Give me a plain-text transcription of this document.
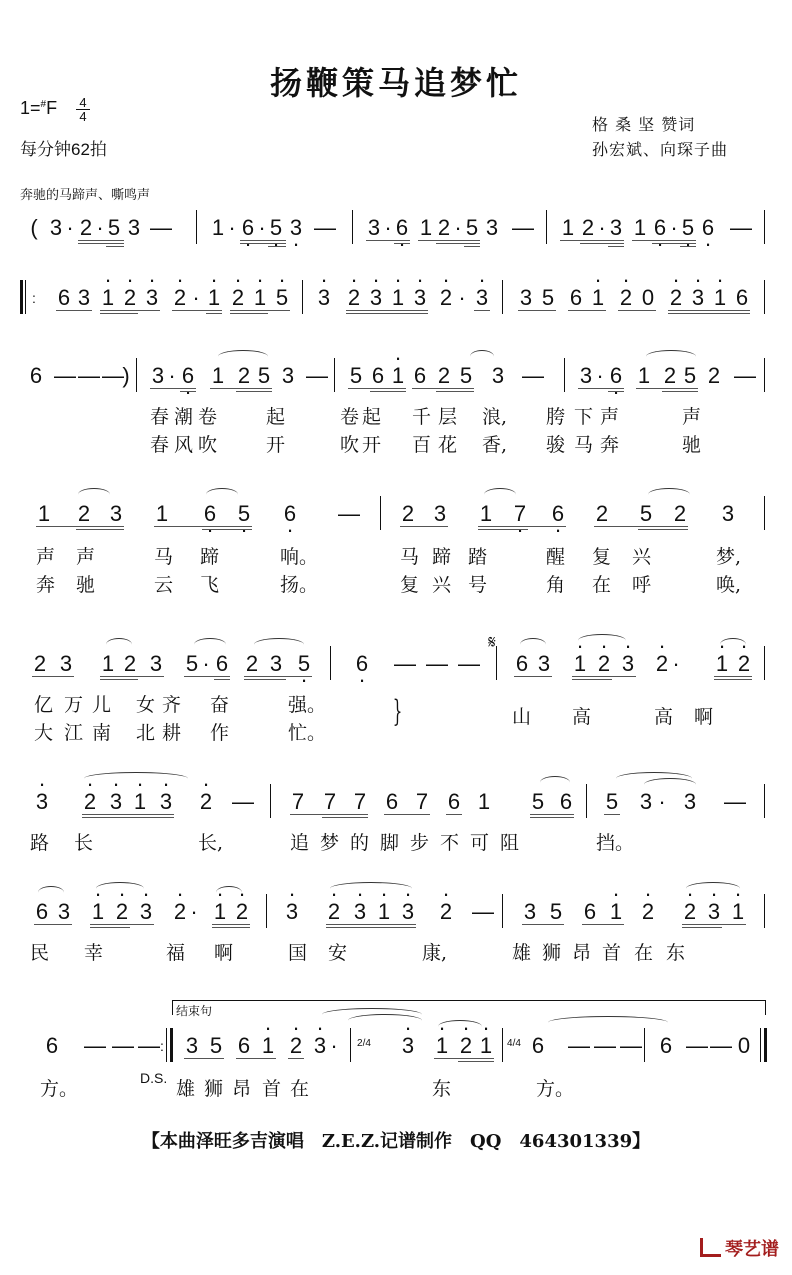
扬鞭策马追梦忙
1=#F 4
4
每分钟62拍
格 桑 坚 赞词
孙宏斌、向琛子曲
奔驰的马蹄声、嘶鸣声
( 3 · 2 · 5 3 — 1 · 6 · · 5 · 3 · — 3 · 6 · 1 2 · 5 3 — 1 2 · 3 1 6 · · 5 · 6 · —
: 6 3 · 1 · 2 · 3 · 2 · · 1 · 2 · 1 · 5 · 3 · 2 · 3 · 1 · 3 · 2 · · 3 3 5 6 · 1 · 2 0 · 2 · 3 · 1 6
6 — — —
) 3 · 6 · 1 2 5 3 — 5 6 · 1 6 2 5 3 — 3 · 6 · 1 2 5 2 —
春 潮 卷	起	卷 起 千 层 浪, 胯 下 声	声
春 风 吹	开	吹 开 百 花 香, 骏 马 奔	驰
1 2 3 1 6 · 5 · 6 · — 2 3 1 7 · 6 · 2 5 2 3
声 声	马 蹄	响。	马 蹄 踏	醒 复 兴	梦,
奔 驰	云 飞	扬。	复 兴 号	角 在 呼	唤,
2 3 1 2 3 5 · 6 2 3 5 · 6 · — — —
𝄋
6 3 · 1 · 2 · 3 · 2 · · 1 · 2
亿 万 儿 女 齐 奋	强。
大 江 南 北 耕 作	忙。
}	山 高	高 啊
· 3 · 2 · 3 · 1 · 3 · 2 — 7 7 7 6 7 6 1 5 6 5 3 · 3 —
路 长	长,	追 梦 的 脚 步 不 可 阻	挡。
6 3 · 1 · 2 · 3 · 2 · · 1 · 2 · 3 · 2 · 3 · 1 · 3 · 2 — 3 5 6 · 1 · 2 · 2 · 3 · 1
民 幸	福 啊	国 安	康,	雄 狮 昂 首 在 东
结束句
6 — — — : 3 5 6 · 1 · 2 · 3 ·	2/4 · 3 · 1 · 2 · 1 4/4 6 — — — 6 — — 0
D.S.
方。	雄 狮 昂 首 在	东	方。
【本曲泽旺多吉演唱　Z.E.Z.记谱制作　QQ　464301339】
琴艺谱
